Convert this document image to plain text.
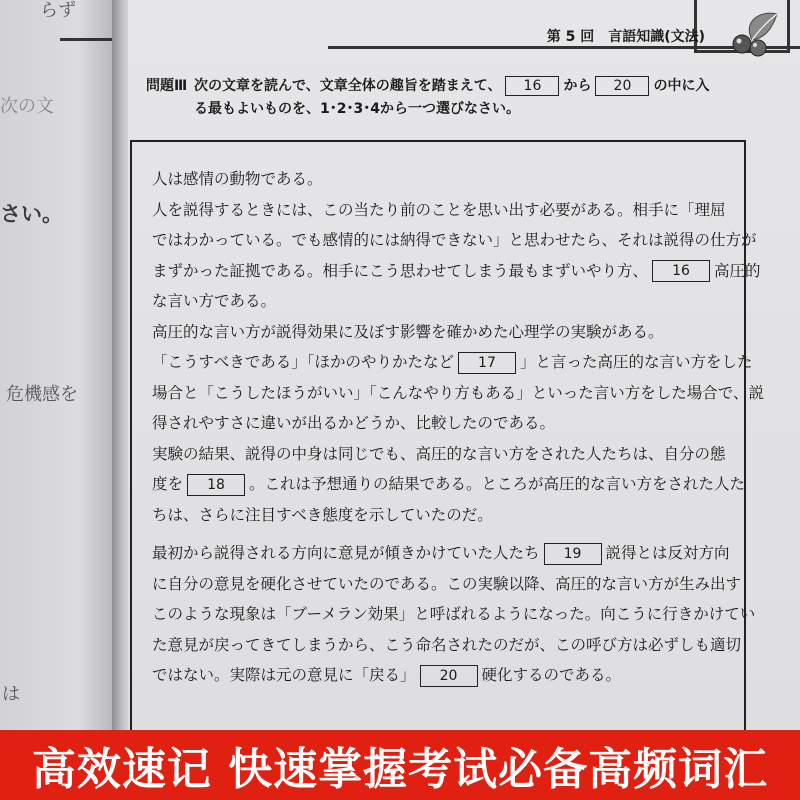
らず
さい。
次の文
危機感を
は
第 5 回　言語知識(文法)
問題Ⅲ 次の文章を読んで、文章全体の趣旨を踏まえて、 16 から 20 の中に入
る最もよいものを、1･2･3･4から一つ選びなさい。

人は感情の動物である。
人を説得するときには、この当たり前のことを思い出す必要がある。相手に「理屈
ではわかっている。でも感情的には納得できない」と思わせたら、それは説得の仕方が
まずかった証拠である。相手にこう思わせてしまう最もまずいやり方、 16 高圧的
な言い方である。
高圧的な言い方が説得効果に及ぼす影響を確かめた心理学の実験がある。
「こうすべきである」「ほかのやりかたなど 17 」と言った高圧的な言い方をした
場合と「こうしたほうがいい」「こんなやり方もある」といった言い方をした場合で、説
得されやすさに違いが出るかどうか、比較したのである。
実験の結果、説得の中身は同じでも、高圧的な言い方をされた人たちは、自分の態
度を 18 。これは予想通りの結果である。ところが高圧的な言い方をされた人た
ちは、さらに注目すべき態度を示していたのだ。
最初から説得される方向に意見が傾きかけていた人たち 19 説得とは反対方向
に自分の意見を硬化させていたのである。この実験以降、高圧的な言い方が生み出す
このような現象は「ブーメラン効果」と呼ばれるようになった。向こうに行きかけてい
た意見が戻ってきてしまうから、こう命名されたのだが、この呼び方は必ずしも適切
ではない。実際は元の意見に「戻る」 20 硬化するのである。
高效速记 快速掌握考试必备高频词汇
